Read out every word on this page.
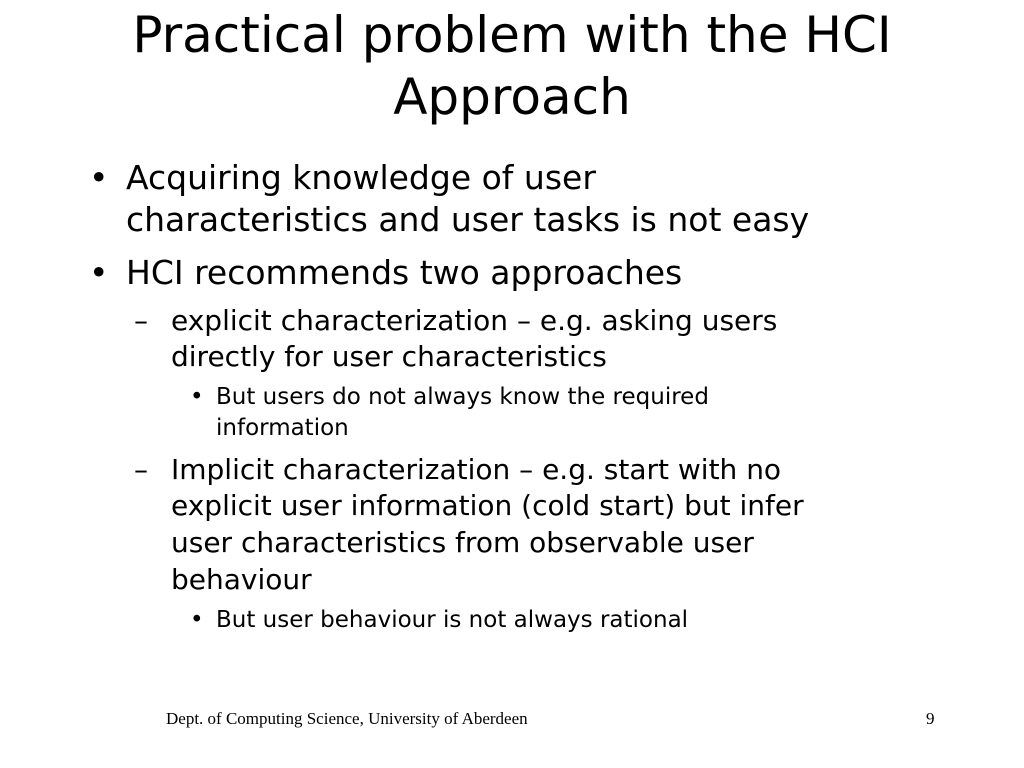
Practical problem with the HCI
Approach
• Acquiring knowledge of user
characteristics and user tasks is not easy
• HCI recommends two approaches
– explicit characterization – e.g. asking users
directly for user characteristics
• But users do not always know the required
information
– Implicit characterization – e.g. start with no
explicit user information (cold start) but infer
user characteristics from observable user
behaviour
• But user behaviour is not always rational
Dept. of Computing Science, University of Aberdeen	9
